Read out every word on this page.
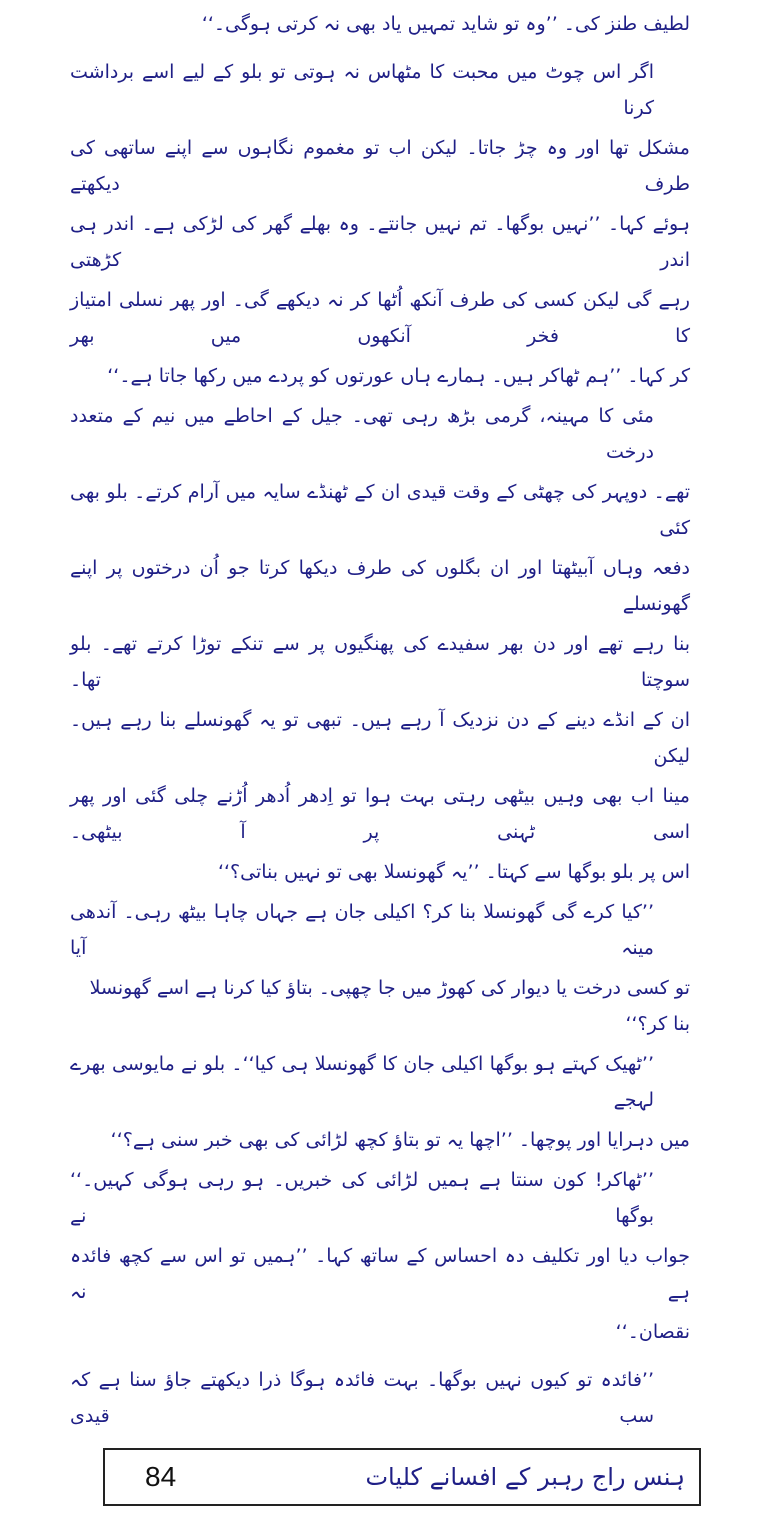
لطیف طنز کی۔ ’’وہ تو شاید تمہیں یاد بھی نہ کرتی ہوگی۔‘‘
اگر اس چوٹ میں محبت کا مٹھاس نہ ہوتی تو بلو کے لیے اسے برداشت کرنا
مشکل تھا اور وہ چڑ جاتا۔ لیکن اب تو مغموم نگاہوں سے اپنے ساتھی کی طرف دیکھتے
ہوئے کہا۔ ’’نہیں بوگھا۔ تم نہیں جانتے۔ وہ بھلے گھر کی لڑکی ہے۔ اندر ہی اندر کڑھتی
رہے گی لیکن کسی کی طرف آنکھ اُٹھا کر نہ دیکھے گی۔ اور پھر نسلی امتیاز کا فخر آنکھوں میں بھر
کر کہا۔ ’’ہم ٹھاکر ہیں۔ ہمارے ہاں عورتوں کو پردے میں رکھا جاتا ہے۔‘‘
مئی کا مہینہ، گرمی بڑھ رہی تھی۔ جیل کے احاطے میں نیم کے متعدد درخت
تھے۔ دوپہر کی چھٹی کے وقت قیدی ان کے ٹھنڈے سایہ میں آرام کرتے۔ بلو بھی کئی
دفعہ وہاں آبیٹھتا اور ان بگلوں کی طرف دیکھا کرتا جو اُن درختوں پر اپنے گھونسلے
بنا رہے تھے اور دن بھر سفیدے کی پھنگیوں پر سے تنکے توڑا کرتے تھے۔ بلو سوچتا تھا۔
ان کے انڈے دینے کے دن نزدیک آ رہے ہیں۔ تبھی تو یہ گھونسلے بنا رہے ہیں۔ لیکن
مینا اب بھی وہیں بیٹھی رہتی بہت ہوا تو اِدھر اُدھر اُڑنے چلی گئی اور پھر اسی ٹہنی پر آ بیٹھی۔
اس پر بلو بوگھا سے کہتا۔ ’’یہ گھونسلا بھی تو نہیں بناتی؟‘‘
’’کیا کرے گی گھونسلا بنا کر؟ اکیلی جان ہے جہاں چاہا بیٹھ رہی۔ آندھی مینہ آیا
تو کسی درخت یا دیوار کی کھوڑ میں جا چھپی۔ بتاؤ کیا کرنا ہے اسے گھونسلا بنا کر؟‘‘
’’ٹھیک کہتے ہو بوگھا اکیلی جان کا گھونسلا ہی کیا‘‘۔ بلو نے مایوسی بھرے لہجے
میں دہرایا اور پوچھا۔ ’’اچھا یہ تو بتاؤ کچھ لڑائی کی بھی خبر سنی ہے؟‘‘
’’ٹھاکر! کون سنتا ہے ہمیں لڑائی کی خبریں۔ ہو رہی ہوگی کہیں۔‘‘ بوگھا نے
جواب دیا اور تکلیف دہ احساس کے ساتھ کہا۔ ’’ہمیں تو اس سے کچھ فائدہ ہے نہ
نقصان۔‘‘
’’فائدہ تو کیوں نہیں بوگھا۔ بہت فائدہ ہوگا ذرا دیکھتے جاؤ سنا ہے کہ سب قیدی
84	ہنس راج رہبر کے افسانے کلیات
